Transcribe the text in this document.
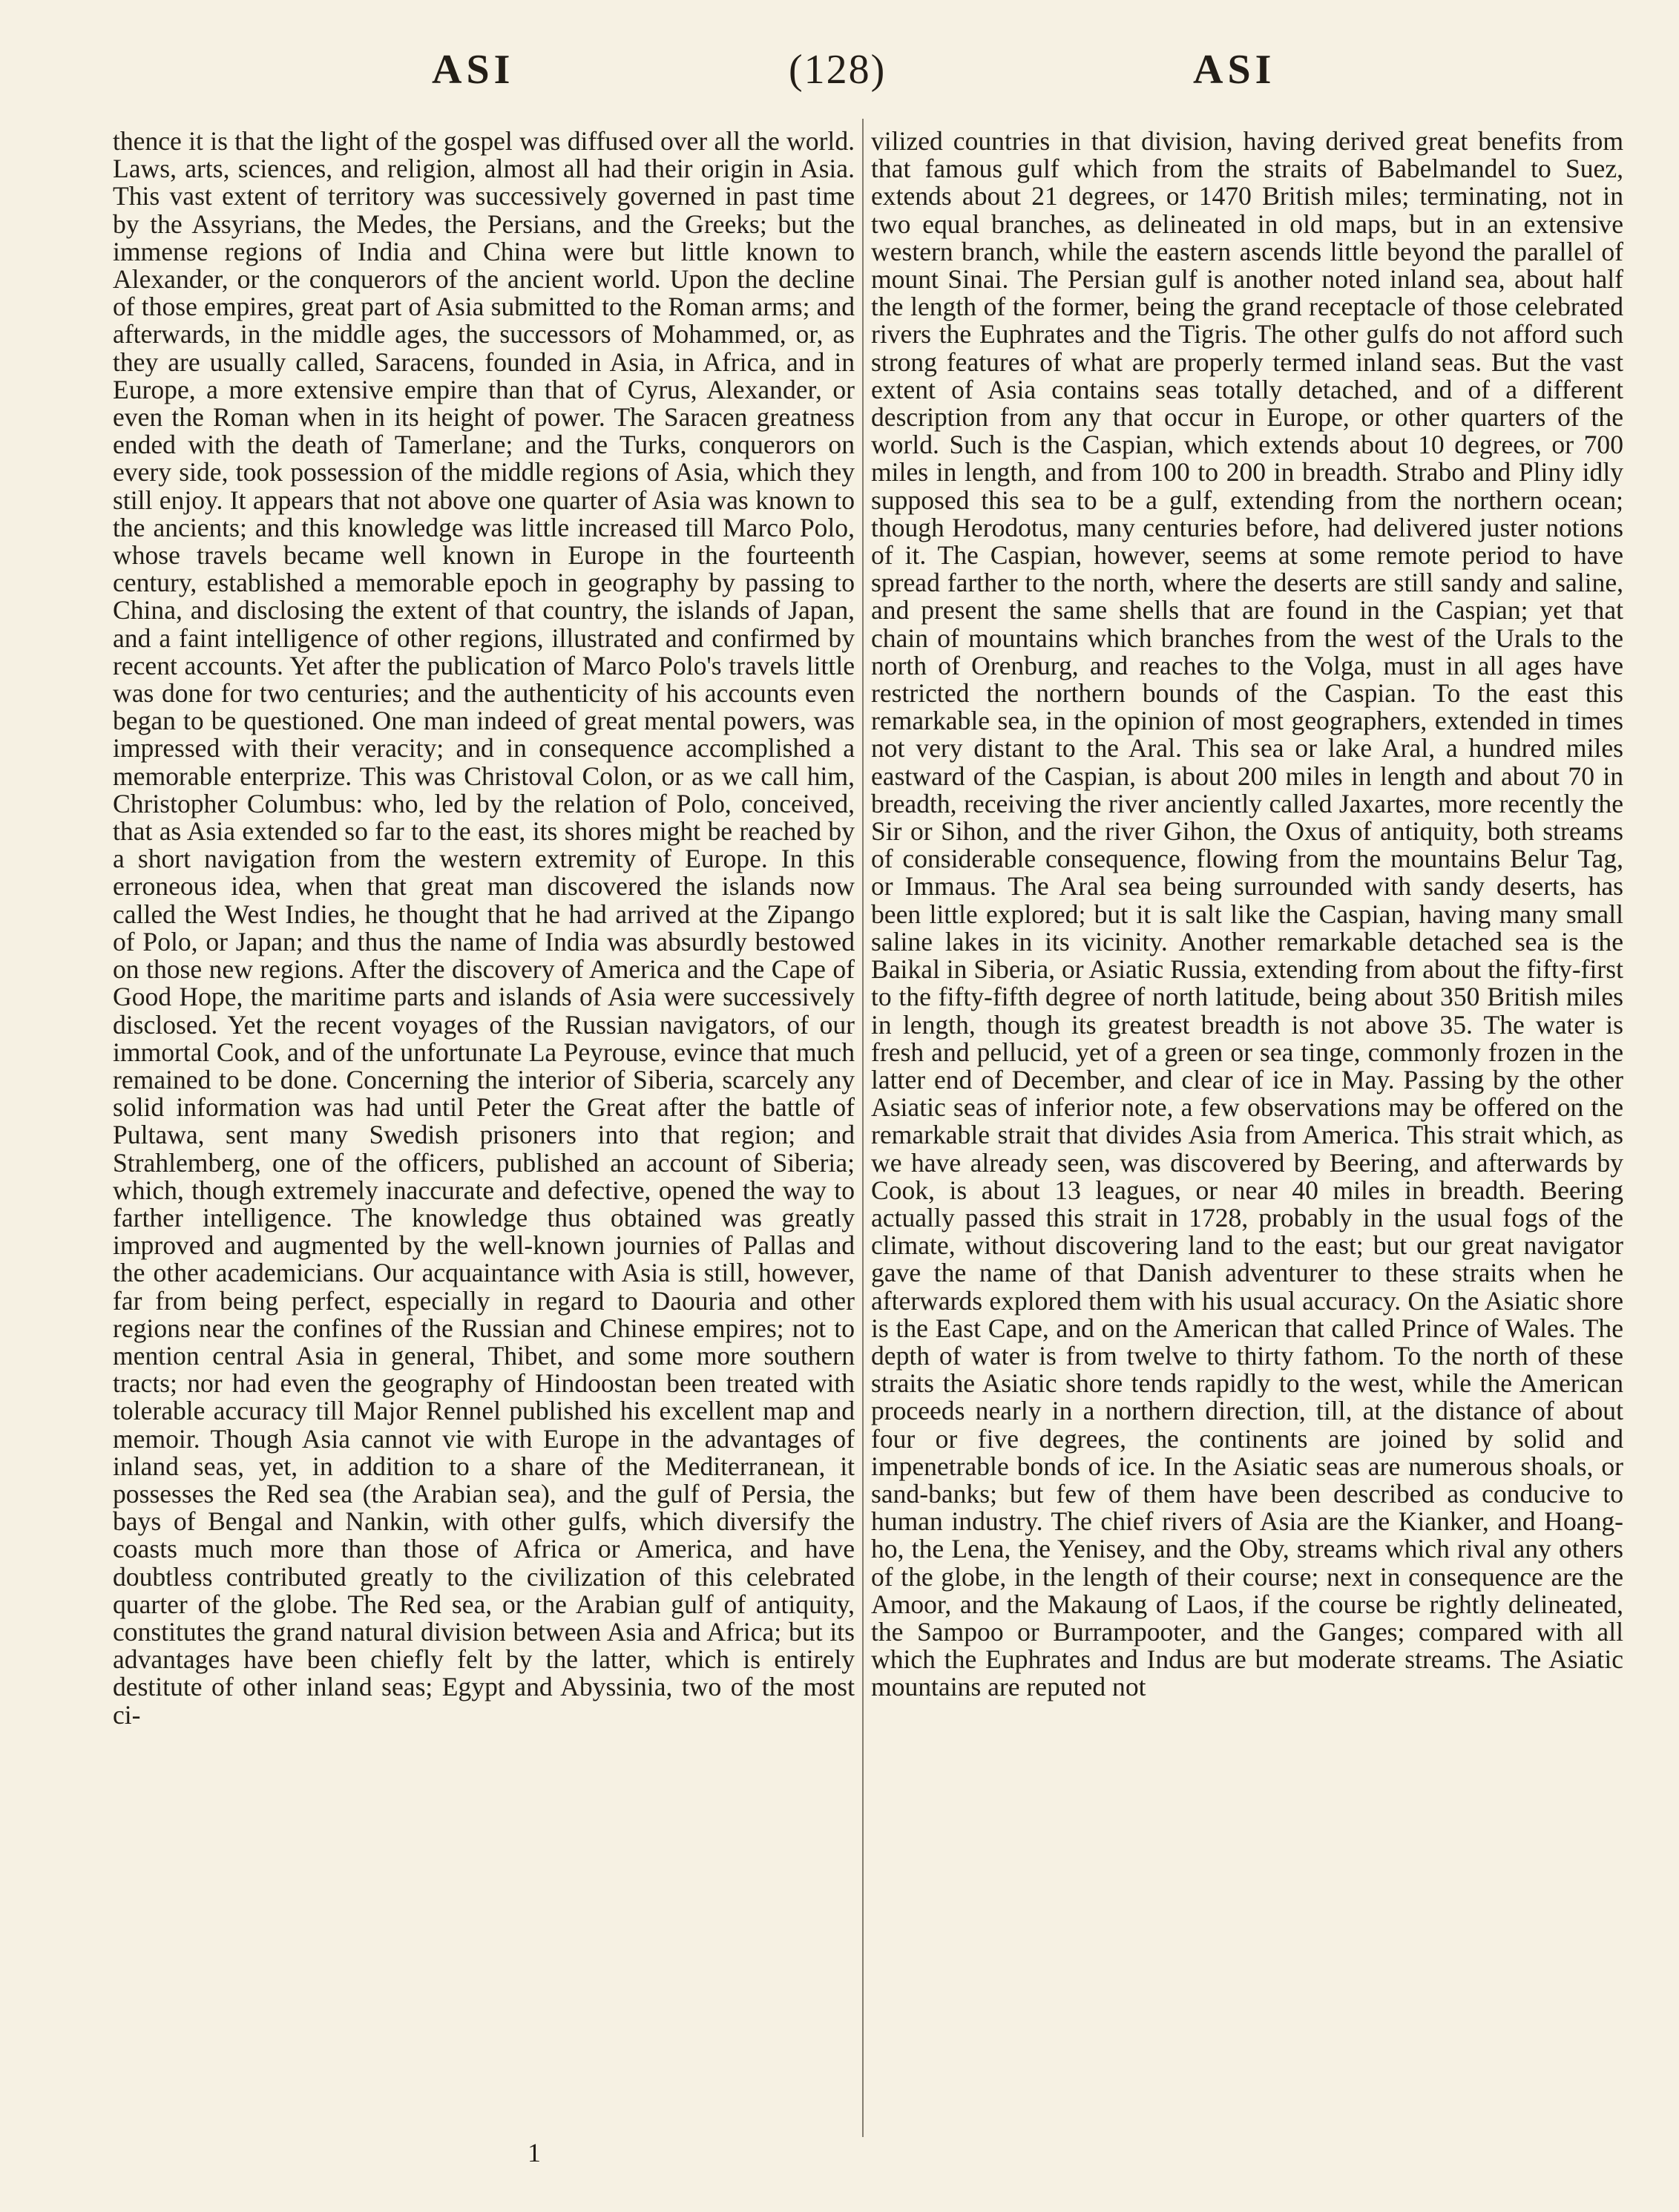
ASI	(128)	ASI

thence it is that the light of the gospel was diffused over all the world. Laws, arts, sciences, and religion, almost all had their origin in Asia. This vast extent of territory was successively governed in past time by the Assyrians, the Medes, the Persians, and the Greeks; but the immense regions of India and China were but little known to Alexander, or the conquerors of the ancient world. Upon the decline of those empires, great part of Asia submitted to the Roman arms; and afterwards, in the middle ages, the successors of Mohammed, or, as they are usually called, Saracens, founded in Asia, in Africa, and in Europe, a more extensive empire than that of Cyrus, Alexander, or even the Roman when in its height of power. The Saracen greatness ended with the death of Tamerlane; and the Turks, conquerors on every side, took possession of the middle regions of Asia, which they still enjoy. It appears that not above one quarter of Asia was known to the ancients; and this knowledge was little increased till Marco Polo, whose travels became well known in Europe in the fourteenth century, established a memorable epoch in geography by passing to China, and disclosing the extent of that country, the islands of Japan, and a faint intelligence of other regions, illustrated and confirmed by recent accounts. Yet after the publication of Marco Polo's travels little was done for two centuries; and the authenticity of his accounts even began to be questioned. One man indeed of great mental powers, was impressed with their veracity; and in consequence accomplished a memorable enterprize. This was Christoval Colon, or as we call him, Christopher Columbus: who, led by the relation of Polo, conceived, that as Asia extended so far to the east, its shores might be reached by a short navigation from the western extremity of Europe. In this erroneous idea, when that great man discovered the islands now called the West Indies, he thought that he had arrived at the Zipango of Polo, or Japan; and thus the name of India was absurdly bestowed on those new regions. After the discovery of America and the Cape of Good Hope, the maritime parts and islands of Asia were successively disclosed. Yet the recent voyages of the Russian navigators, of our immortal Cook, and of the unfortunate La Peyrouse, evince that much remained to be done. Concerning the interior of Siberia, scarcely any solid information was had until Peter the Great after the battle of Pultawa, sent many Swedish prisoners into that region; and Strahlemberg, one of the officers, published an account of Siberia; which, though extremely inaccurate and defective, opened the way to farther intelligence. The knowledge thus obtained was greatly improved and augmented by the well-known journies of Pallas and the other academicians. Our acquaintance with Asia is still, however, far from being perfect, especially in regard to Daouria and other regions near the confines of the Russian and Chinese empires; not to mention central Asia in general, Thibet, and some more southern tracts; nor had even the geography of Hindoostan been treated with tolerable accuracy till Major Rennel published his excellent map and memoir. Though Asia cannot vie with Europe in the advantages of inland seas, yet, in addition to a share of the Mediterranean, it possesses the Red sea (the Arabian sea), and the gulf of Persia, the bays of Bengal and Nankin, with other gulfs, which diversify the coasts much more than those of Africa or America, and have doubtless contributed greatly to the civilization of this celebrated quarter of the globe. The Red sea, or the Arabian gulf of antiquity, constitutes the grand natural division between Asia and Africa; but its advantages have been chiefly felt by the latter, which is entirely destitute of other inland seas; Egypt and Abyssinia, two of the most ci-

vilized countries in that division, having derived great benefits from that famous gulf which from the straits of Babelmandel to Suez, extends about 21 degrees, or 1470 British miles; terminating, not in two equal branches, as delineated in old maps, but in an extensive western branch, while the eastern ascends little beyond the parallel of mount Sinai. The Persian gulf is another noted inland sea, about half the length of the former, being the grand receptacle of those celebrated rivers the Euphrates and the Tigris. The other gulfs do not afford such strong features of what are properly termed inland seas. But the vast extent of Asia contains seas totally detached, and of a different description from any that occur in Europe, or other quarters of the world. Such is the Caspian, which extends about 10 degrees, or 700 miles in length, and from 100 to 200 in breadth. Strabo and Pliny idly supposed this sea to be a gulf, extending from the northern ocean; though Herodotus, many centuries before, had delivered juster notions of it. The Caspian, however, seems at some remote period to have spread farther to the north, where the deserts are still sandy and saline, and present the same shells that are found in the Caspian; yet that chain of mountains which branches from the west of the Urals to the north of Orenburg, and reaches to the Volga, must in all ages have restricted the northern bounds of the Caspian. To the east this remarkable sea, in the opinion of most geographers, extended in times not very distant to the Aral. This sea or lake Aral, a hundred miles eastward of the Caspian, is about 200 miles in length and about 70 in breadth, receiving the river anciently called Jaxartes, more recently the Sir or Sihon, and the river Gihon, the Oxus of antiquity, both streams of considerable consequence, flowing from the mountains Belur Tag, or Immaus. The Aral sea being surrounded with sandy deserts, has been little explored; but it is salt like the Caspian, having many small saline lakes in its vicinity. Another remarkable detached sea is the Baikal in Siberia, or Asiatic Russia, extending from about the fifty-first to the fifty-fifth degree of north latitude, being about 350 British miles in length, though its greatest breadth is not above 35. The water is fresh and pellucid, yet of a green or sea tinge, commonly frozen in the latter end of December, and clear of ice in May. Passing by the other Asiatic seas of inferior note, a few observations may be offered on the remarkable strait that divides Asia from America. This strait which, as we have already seen, was discovered by Beering, and afterwards by Cook, is about 13 leagues, or near 40 miles in breadth. Beering actually passed this strait in 1728, probably in the usual fogs of the climate, without discovering land to the east; but our great navigator gave the name of that Danish adventurer to these straits when he afterwards explored them with his usual accuracy. On the Asiatic shore is the East Cape, and on the American that called Prince of Wales. The depth of water is from twelve to thirty fathom. To the north of these straits the Asiatic shore tends rapidly to the west, while the American proceeds nearly in a northern direction, till, at the distance of about four or five degrees, the continents are joined by solid and impenetrable bonds of ice. In the Asiatic seas are numerous shoals, or sand-banks; but few of them have been described as conducive to human industry. The chief rivers of Asia are the Kianker, and Hoang-ho, the Lena, the Yenisey, and the Oby, streams which rival any others of the globe, in the length of their course; next in consequence are the Amoor, and the Makaung of Laos, if the course be rightly delineated, the Sampoo or Burrampooter, and the Ganges; compared with all which the Euphrates and Indus are but moderate streams. The Asiatic mountains are reputed not

1
